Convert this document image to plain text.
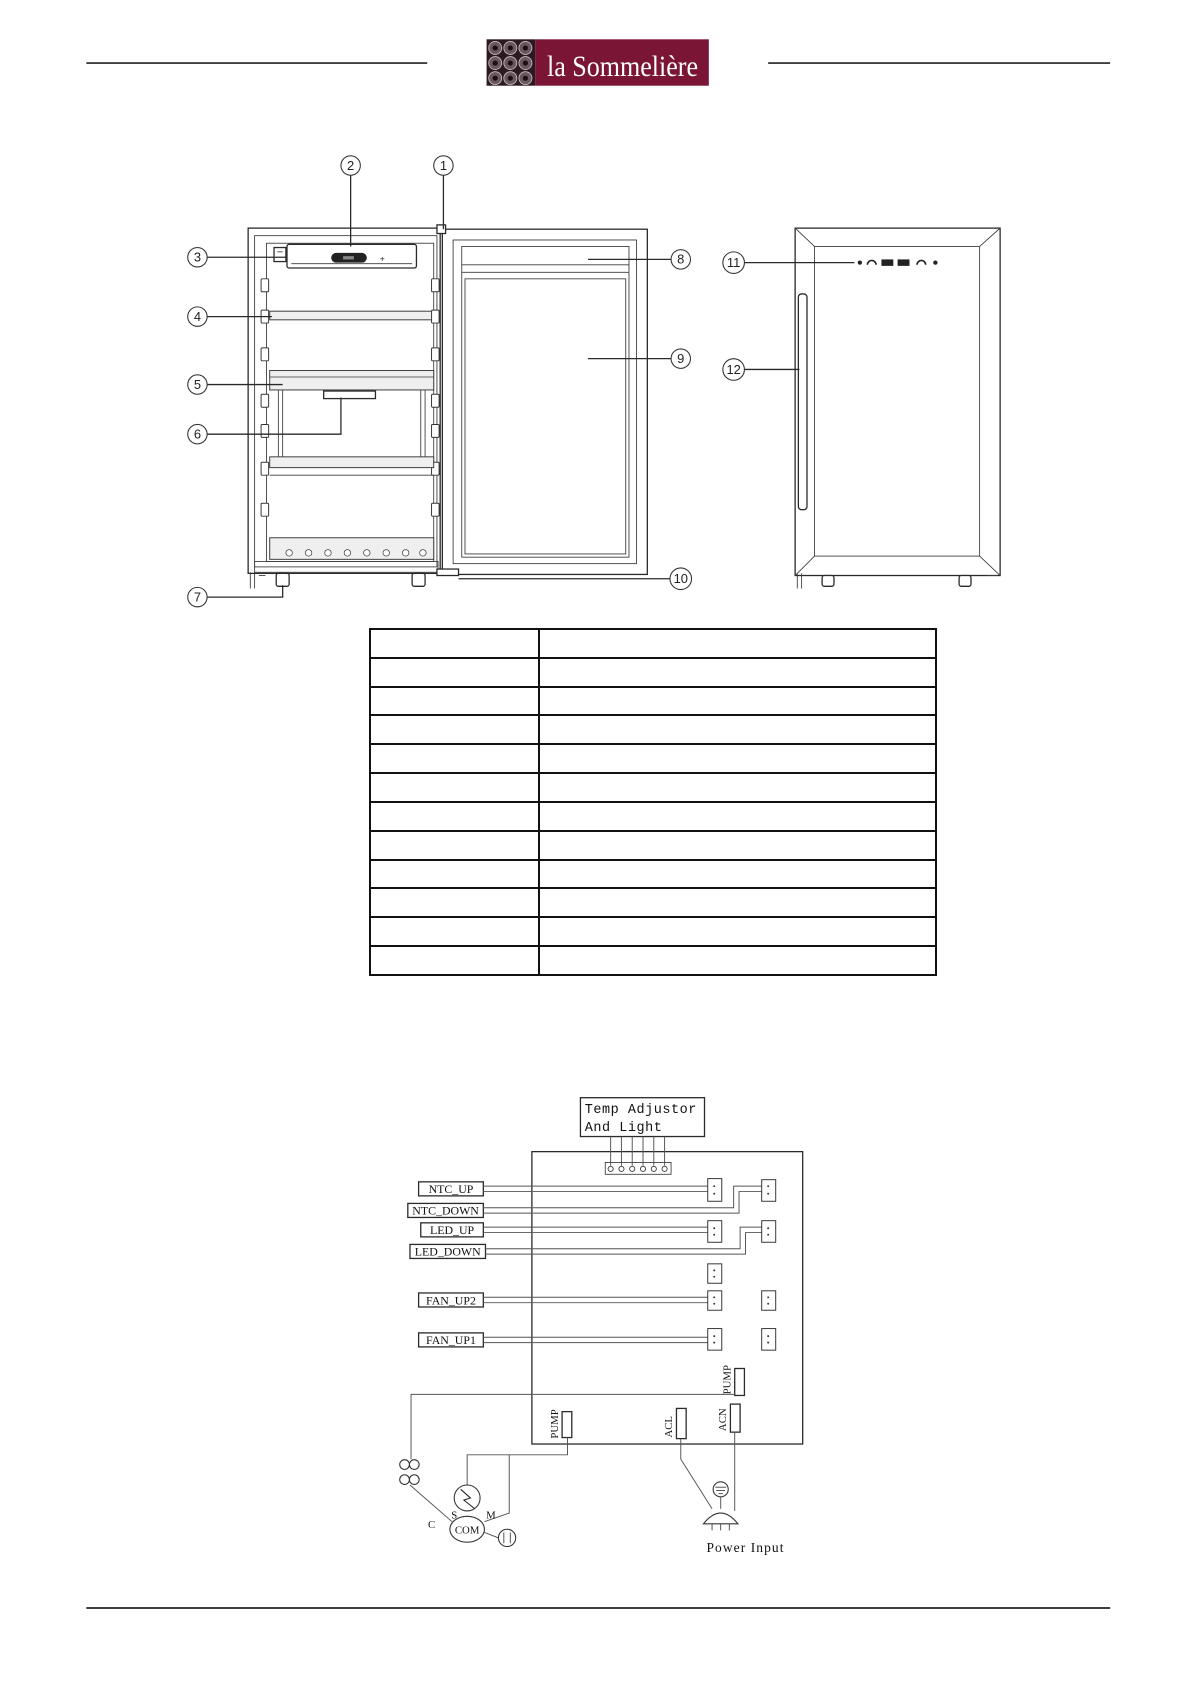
la Sommelière
+
1
2
3
4
5
6
7
8
9
10
11
12
Temp Adjustor
And Light
NTC_UP
NTC_DOWN
LED_UP
LED_DOWN
FAN_UP2
FAN_UP1
PUMP
PUMP	ACL	ACN
COM
S	M
C
Power Input
